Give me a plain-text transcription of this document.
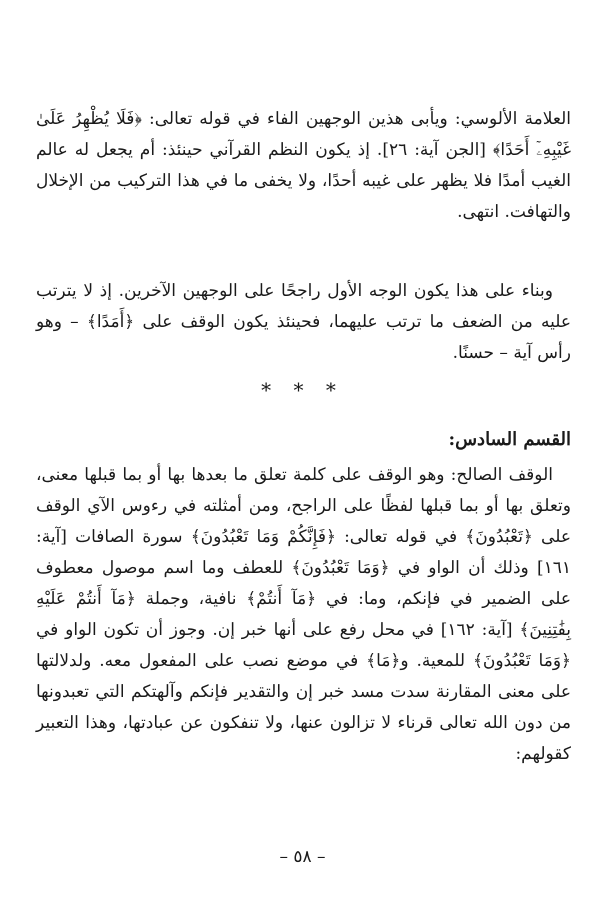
العلامة الألوسي: ويأبى هذين الوجهين الفاء في قوله تعالى: ﴿فَلَا يُظْهِرُ عَلَىٰ غَيْبِهِۦٓ أَحَدًا﴾ [الجن آية: ٢٦]. إذ يكون النظم القرآني حينئذ: أم يجعل له عالم الغيب أمدًا فلا يظهر على غيبه أحدًا، ولا يخفى ما في هذا التركيب من الإخلال والتهافت. انتهى.

وبناء على هذا يكون الوجه الأول راجحًا على الوجهين الآخرين. إذ لا يترتب عليه من الضعف ما ترتب عليهما، فحينئذ يكون الوقف على ﴿أَمَدًا﴾ – وهو رأس آية – حسنًا.

* * *
القسم السادس:

الوقف الصالح: وهو الوقف على كلمة تعلق ما بعدها بها أو بما قبلها معنى، وتعلق بها أو بما قبلها لفظًا على الراجح، ومن أمثلته في رءوس الآي الوقف على ﴿تَعْبُدُونَ﴾ في قوله تعالى: ﴿فَإِنَّكُمْ وَمَا تَعْبُدُونَ﴾ سورة الصافات [آية: ١٦١] وذلك أن الواو في ﴿وَمَا تَعْبُدُونَ﴾ للعطف وما اسم موصول معطوف على الضمير في فإنكم، وما: في ﴿مَآ أَنتُمْ﴾ نافية، وجملة ﴿مَآ أَنتُمْ عَلَيْهِ بِفَٰتِنِينَ﴾ [آية: ١٦٢] في محل رفع على أنها خبر إن. وجوز أن تكون الواو في ﴿وَمَا تَعْبُدُونَ﴾ للمعية. و﴿مَا﴾ في موضع نصب على المفعول معه. ولدلالتها على معنى المقارنة سدت مسد خبر إن والتقدير فإنكم وآلهتكم التي تعبدونها من دون الله تعالى قرناء لا تزالون عنها، ولا تنفكون عن عبادتها، وهذا التعبير كقولهم:

– ٥٨ –
